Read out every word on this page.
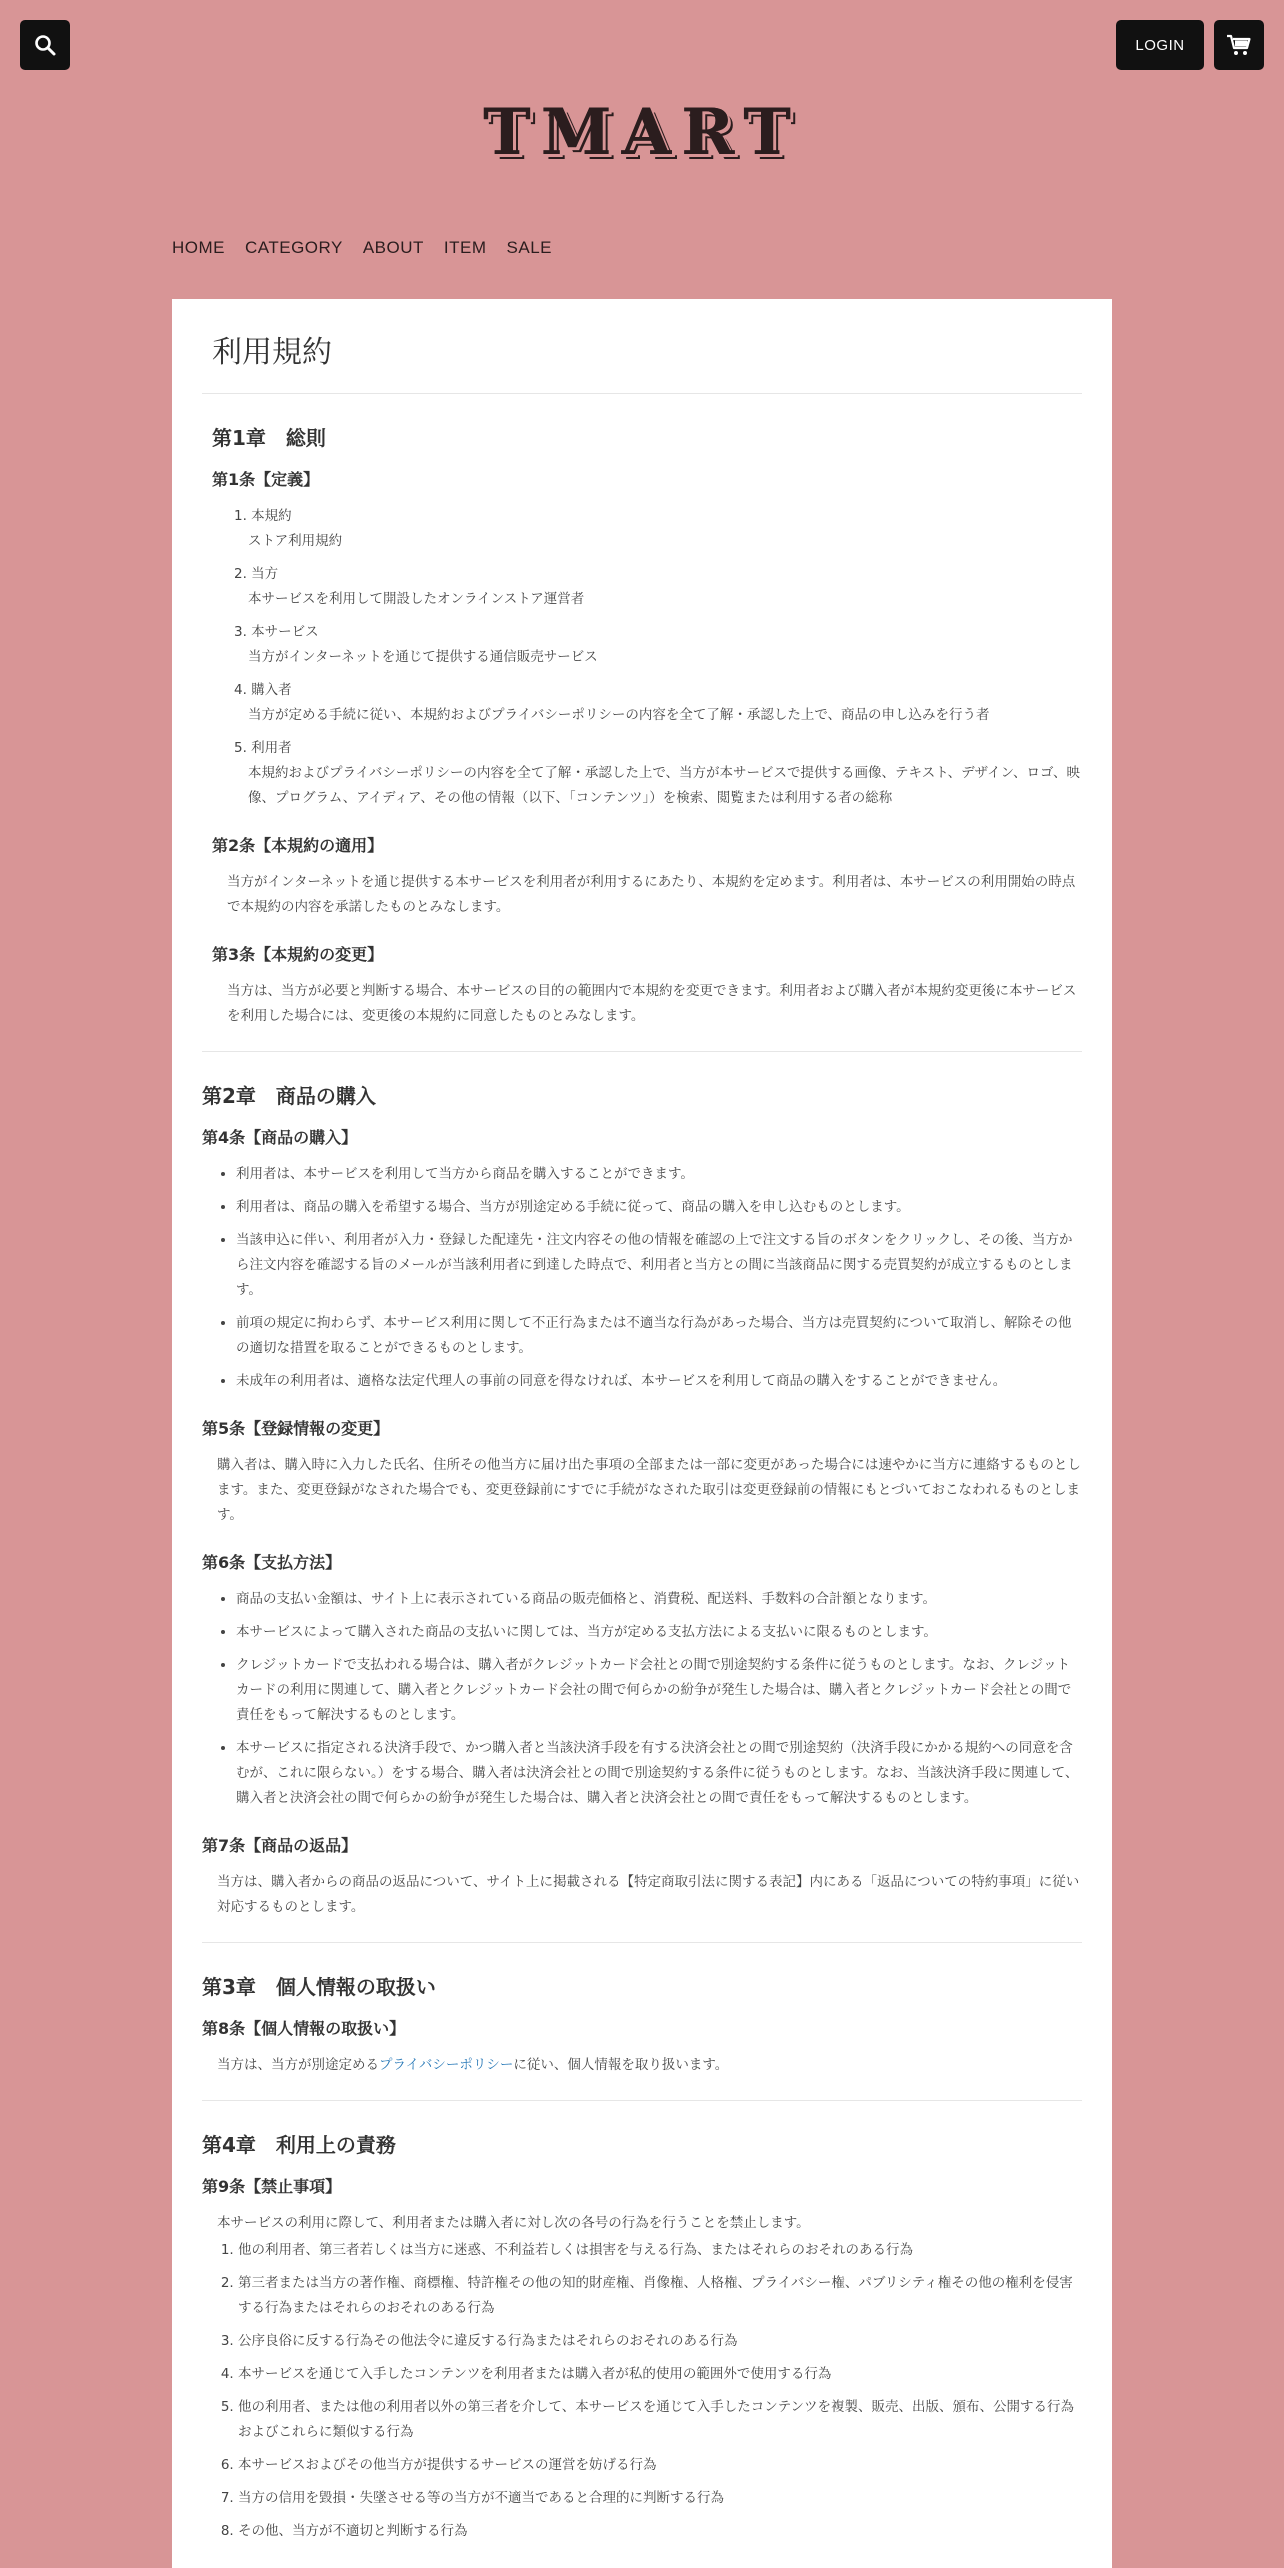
LOGIN
TMART
HOME CATEGORY ABOUT ITEM SALE
利用規約
第1章　総則
第1条【定義】
1. 本規約
ストア利用規約
2. 当方
本サービスを利用して開設したオンラインストア運営者
3. 本サービス
当方がインターネットを通じて提供する通信販売サービス
4. 購入者
当方が定める手続に従い、本規約およびプライバシーポリシーの内容を全て了解・承認した上で、商品の申し込みを行う者
5. 利用者
本規約およびプライバシーポリシーの内容を全て了解・承認した上で、当方が本サービスで提供する画像、テキスト、デザイン、ロゴ、映像、プログラム、アイディア、その他の情報（以下、「コンテンツ」）を検索、閲覧または利用する者の総称
第2条【本規約の適用】

当方がインターネットを通じ提供する本サービスを利用者が利用するにあたり、本規約を定めます。利用者は、本サービスの利用開始の時点で本規約の内容を承諾したものとみなします。

第3条【本規約の変更】

当方は、当方が必要と判断する場合、本サービスの目的の範囲内で本規約を変更できます。利用者および購入者が本規約変更後に本サービスを利用した場合には、変更後の本規約に同意したものとみなします。

第2章　商品の購入
第4条【商品の購入】
• 利用者は、本サービスを利用して当方から商品を購入することができます。
• 利用者は、商品の購入を希望する場合、当方が別途定める手続に従って、商品の購入を申し込むものとします。
• 当該申込に伴い、利用者が入力・登録した配達先・注文内容その他の情報を確認の上で注文する旨のボタンをクリックし、その後、当方から注文内容を確認する旨のメールが当該利用者に到達した時点で、利用者と当方との間に当該商品に関する売買契約が成立するものとします。
• 前項の規定に拘わらず、本サービス利用に関して不正行為または不適当な行為があった場合、当方は売買契約について取消し、解除その他の適切な措置を取ることができるものとします。
• 未成年の利用者は、適格な法定代理人の事前の同意を得なければ、本サービスを利用して商品の購入をすることができません。
第5条【登録情報の変更】

購入者は、購入時に入力した氏名、住所その他当方に届け出た事項の全部または一部に変更があった場合には速やかに当方に連絡するものとします。また、変更登録がなされた場合でも、変更登録前にすでに手続がなされた取引は変更登録前の情報にもとづいておこなわれるものとします。

第6条【支払方法】
• 商品の支払い金額は、サイト上に表示されている商品の販売価格と、消費税、配送料、手数料の合計額となります。
• 本サービスによって購入された商品の支払いに関しては、当方が定める支払方法による支払いに限るものとします。
• クレジットカードで支払われる場合は、購入者がクレジットカード会社との間で別途契約する条件に従うものとします。なお、クレジットカードの利用に関連して、購入者とクレジットカード会社の間で何らかの紛争が発生した場合は、購入者とクレジットカード会社との間で責任をもって解決するものとします。
• 本サービスに指定される決済手段で、かつ購入者と当該決済手段を有する決済会社との間で別途契約（決済手段にかかる規約への同意を含むが、これに限らない。）をする場合、購入者は決済会社との間で別途契約する条件に従うものとします。なお、当該決済手段に関連して、購入者と決済会社の間で何らかの紛争が発生した場合は、購入者と決済会社との間で責任をもって解決するものとします。
第7条【商品の返品】

当方は、購入者からの商品の返品について、サイト上に掲載される【特定商取引法に関する表記】内にある「返品についての特約事項」に従い対応するものとします。

第3章　個人情報の取扱い
第8条【個人情報の取扱い】

当方は、当方が別途定めるプライバシーポリシーに従い、個人情報を取り扱います。

第4章　利用上の責務
第9条【禁止事項】
本サービスの利用に際して、利用者または購入者に対し次の各号の行為を行うことを禁止します。
1. 他の利用者、第三者若しくは当方に迷惑、不利益若しくは損害を与える行為、またはそれらのおそれのある行為
2. 第三者または当方の著作権、商標権、特許権その他の知的財産権、肖像権、人格権、プライバシー権、パブリシティ権その他の権利を侵害する行為またはそれらのおそれのある行為
3. 公序良俗に反する行為その他法令に違反する行為またはそれらのおそれのある行為
4. 本サービスを通じて入手したコンテンツを利用者または購入者が私的使用の範囲外で使用する行為
5. 他の利用者、または他の利用者以外の第三者を介して、本サービスを通じて入手したコンテンツを複製、販売、出版、頒布、公開する行為およびこれらに類似する行為
6. 本サービスおよびその他当方が提供するサービスの運営を妨げる行為
7. 当方の信用を毀損・失墜させる等の当方が不適当であると合理的に判断する行為
8. その他、当方が不適切と判断する行為
